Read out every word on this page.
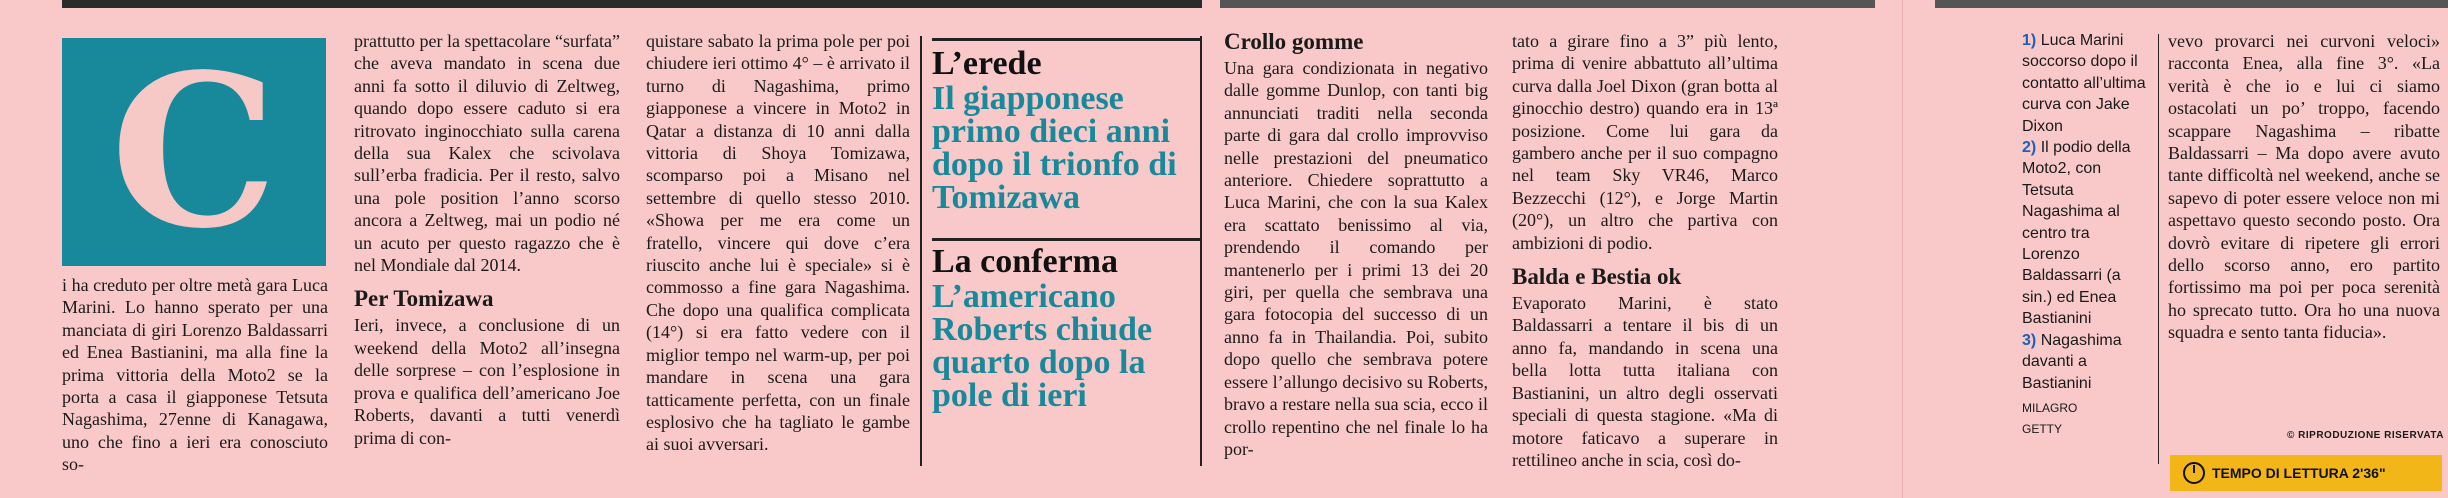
C

i ha creduto per oltre metà gara Luca Marini. Lo hanno sperato per una manciata di giri Lorenzo Baldassarri ed Enea Bastianini, ma alla fine la prima vittoria della Moto2 se la porta a casa il giapponese Tetsuta Nagashima, 27enne di Kanagawa, uno che fino a ieri era conosciuto so-

prattutto per la spettacolare “surfata” che aveva mandato in scena due anni fa sotto il diluvio di Zeltweg, quando dopo essere caduto si era ritrovato inginocchiato sulla carena della sua Kalex che scivolava sull’erba fradicia. Per il resto, salvo una pole position l’anno scorso ancora a Zeltweg, mai un podio né un acuto per questo ragazzo che è nel Mondiale dal 2014.

Per Tomizawa

Ieri, invece, a conclusione di un weekend della Moto2 all’insegna delle sorprese – con l’esplosione in prova e qualifica dell’americano Joe Roberts, davanti a tutti venerdì prima di con-

quistare sabato la prima pole per poi chiudere ieri ottimo 4° – è arrivato il turno di Nagashima, primo giapponese a vincere in Moto2 in Qatar a distanza di 10 anni dalla vittoria di Shoya Tomizawa, scomparso poi a Misano nel settembre di quello stesso 2010. «Showa per me era come un fratello, vincere qui dove c’era riuscito anche lui è speciale» si è commosso a fine gara Nagashima. Che dopo una qualifica complicata (14°) si era fatto vedere con il miglior tempo nel warm-up, per poi mandare in scena una gara tatticamente perfetta, con un finale esplosivo che ha tagliato le gambe ai suoi avversari.

L’erede
Il giapponese primo dieci anni dopo il trionfo di Tomizawa
La conferma
L’americano Roberts chiude quarto dopo la pole di ieri
Crollo gomme

Una gara condizionata in negativo dalle gomme Dunlop, con tanti big annunciati traditi nella seconda parte di gara dal crollo improvviso nelle prestazioni del pneumatico anteriore. Chiedere soprattutto a Luca Marini, che con la sua Kalex era scattato benissimo al via, prendendo il comando per mantenerlo per i primi 13 dei 20 giri, per quella che sembrava una gara fotocopia del successo di un anno fa in Thailandia. Poi, subito dopo quello che sembrava potere essere l’allungo decisivo su Roberts, bravo a restare nella sua scia, ecco il crollo repentino che nel finale lo ha por-

tato a girare fino a 3” più lento, prima di venire abbattuto all’ultima curva dalla Joel Dixon (gran botta al ginocchio destro) quando era in 13ª posizione. Come lui gara da gambero anche per il suo compagno nel team Sky VR46, Marco Bezzecchi (12°), e Jorge Martin (20°), un altro che partiva con ambizioni di podio.

Balda e Bestia ok

Evaporato Marini, è stato Baldassarri a tentare il bis di un anno fa, mandando in scena una bella lotta tutta italiana con Bastianini, un altro degli osservati speciali di questa stagione. «Ma di motore faticavo a superare in rettilineo anche in scia, così do-

1) Luca Marini soccorso dopo il contatto all’ultima curva con Jake Dixon
2) Il podio della Moto2, con Tetsuta Nagashima al centro tra Lorenzo Baldassarri (a sin.) ed Enea Bastianini
3) Nagashima davanti a Bastianini
MILAGRO
GETTY

vevo provarci nei curvoni veloci» racconta Enea, alla fine 3°. «La verità è che io e lui ci siamo ostacolati un po’ troppo, facendo scappare Nagashima – ribatte Baldassarri – Ma dopo avere avuto tante difficoltà nel weekend, anche se sapevo di poter essere veloce non mi aspettavo questo secondo posto. Ora dovrò evitare di ripetere gli errori dello scorso anno, ero partito fortissimo ma poi per poca serenità ho sprecato tutto. Ora ho una nuova squadra e sento tanta fiducia».

© RIPRODUZIONE RISERVATA
TEMPO DI LETTURA 2'36"
